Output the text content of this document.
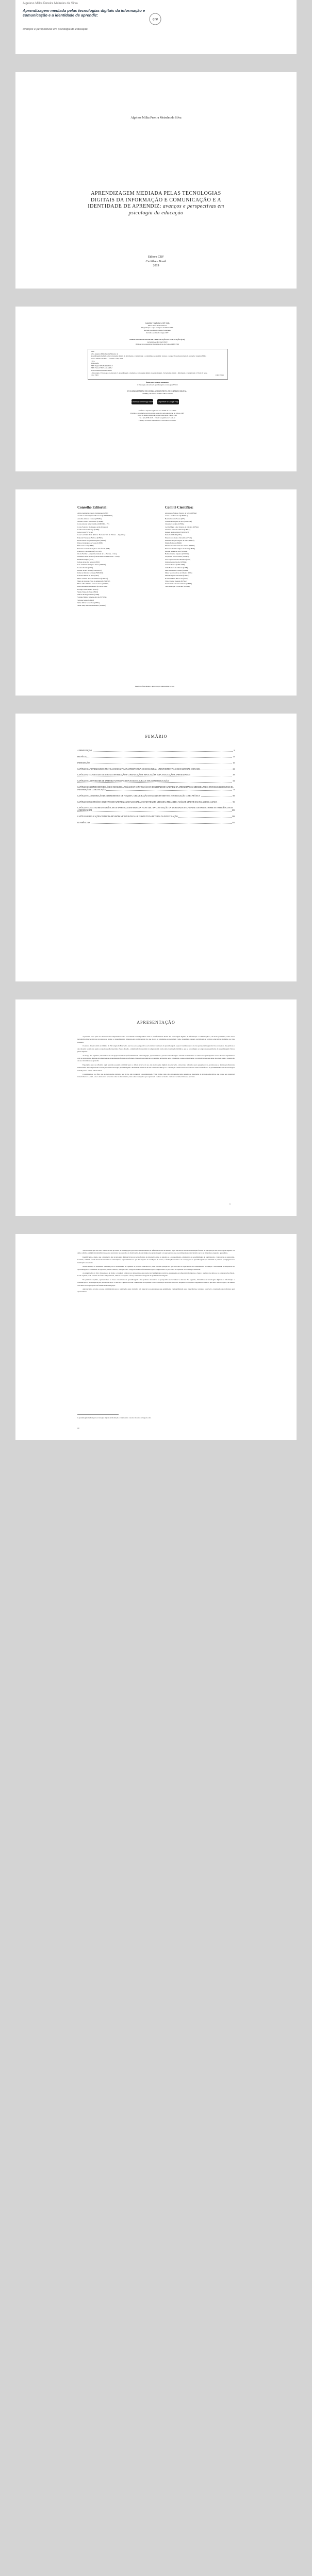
Algeless Milka Pereira Meireles da Silva
Aprendizagem mediada pelas tecnologias digitais da informação e comunicação e a identidade de aprendiz:
avanços e perspectivas em psicologia da educação
crv
Algeless Milka Pereira Meireles da Silva
APRENDIZAGEM MEDIADA PELAS TECNOLOGIAS DIGITAIS DA INFORMAÇÃO E COMUNICAÇÃO E A IDENTIDADE DE APRENDIZ: avanços e perspectivas em psicologia da educação
Editora CRV
Curitiba – Brasil
2019
Copyright © da Editora CRV Ltda.
Editor-chefe: Railson Moura
Diagramação e Capa: Designers da Editora CRV
Revisão: Analista de Língua Portuguesa
Revisão: Analista de Língua CRV
DADOS INTERNACIONAIS DE CATALOGAÇÃO NA PUBLICAÇÃO (CIP)
CATALOGAÇÃO NA FONTE
Bibliotecária responsável: Luzenira Alves dos Santos CRB9/1506
S586
Silva, Algeless Milka Pereira Meireles da
Aprendizagem mediada pelas tecnologias digitais da informação e comunicação e a identidade de aprendiz: avanços e perspectivas em psicologia da educação / Algeless Milka
Pereira Meireles da Silva – Curitiba : CRV, 2019.
170 p.
Bibliografia
ISBN Digital 978-85-444-3247-5
ISBN Físico 978-85-444-3248-2
DOI 10.24824/978854443248.2
1. Psicologia 2. Psicologia da educação 3. Aprendizagem - mediação e tecnologias digitais 4. Aprendizagem - Tecnologias digitais - Informação e comunicação I. Título II. Série.
CDU 159.9	CDD 370.15
Índice para catálogo sistemático
1. Psicologia educacional: aprendizagem e tecnologias 370.15
ESTA OBRA TAMBÉM ENCONTRA-SE DISPONÍVEL EM FORMATO DIGITAL.
CONHEÇA E BAIXE NOSSO APLICATIVO!
Download on the App Store	Disponível no Google Play
Foi feito o depósito legal conf. Lei 10.994 de 14/12/2004
Proibida a reprodução parcial ou total desta obra sem autorização da Editora CRV
Todos os direitos desta edição reservados pela: Editora CRV
Tel.: (41) 3039-6418 – E-mail: sac@editoracrv.com.br
Conheça os nossos lançamentos: www.editoracrv.com.br
Conselho Editorial:
Aldira Guimarães Duarte Domínguez (UNB)
Andréia da Silva Quintanilha Sousa (UNIR/UFRN)
Anselmo Alencar Colares (UFOPA)
Antônio Pereira Gaio Júnior (UFRRJ)
Carlos Alberto Vilar Estêvão (UMINHO – PT)
Carlos Federico Dominguez Avila (Unieuro)
Carmen Tereza Velanga (UNIR)
Celso Conti (UFSCar)
Cesar Gerônimo Tello (Univer. Nacional Três de Febrero – Argentina)
Eduardo Fernandes Barbosa (UFMG)
Elione Maria Nogueira Diogenes (UFAL)
Elizeu Clementino de Souza (UNEB)
Élsio José Corá (UFFS)
Fernando Antônio Gonçalves Alcoforado (IPB)
Francisco Carlos Duarte (PUC-PR)
Gloria Fariñas León (Universidade de La Havana – Cuba)
Guillermo Arias Beatón (Universidade de La Havana – Cuba)
Helmuth Krüger (UCP)
Jailson Alves dos Santos (UFRJ)
João Adalberto Campato Junior (UNESP)
Josania Portela (UFPI)
Leonel Severo Rocha (UNISINOS)
Lídia de Oliveira Xavier (UNIEURO)
Lourdes Helena da Silva (UFV)
Maria Cristina dos Santos Bezerra (UFSCar)
Maria de Lourdes Pinto de Almeida (UNOESC)
Maria Lília Imbiriba Sousa Colares (UFOPA)
Paulo Romualdo Hernandes (UNIFAL-MG)
Rodrigo Pratte-Santos (UFES)
Sérgio Nunes de Jesus (IFRO)
Simone Rodrigues Pinto (UNB)
Solange Helena Ximenes-Rocha (UFOPA)
Sydione Santos (UEPG)
Tadeu Oliver Gonçalves (UFPA)
Tania Suely Azevedo Brasileiro (UFOPA)
Comitê Científico:
Alessandra Fabiana Ferreira da Silva (UFMA)
André Luis Schadeck (UNITAU)
Beatriz Rosa de Souza (UFS)
Clarissa Rodrigues da Silva (UNIFOR)
Cleonice Carvalho (UFMG)
Cecilia Maria Lima Teixeira de Oliveira (UFMG)
Cristiane Vieira de Oliveira (UFMA)
Daniela Anelise Dihl (UNISINOS)
Deise Kalil Kalid (UFG)
Eduardo dos Santos Sebastião (UFMG)
Elizabeth Regina Negrão de Melo (UFBA)
Emilia Hodino (UFRRJ)
Fabiana Maria Correia dos Santos (UFMA)
Francisco José Rodrigues de Sousa (UECE)
Girlane Nunes da Silva (UFMA)
Hellen Cristina Siqueira (UNIRIO)
Jacqueline Silva Fonseca (UFMG)
José Augusto Pereira Meireles (UFS)
Juliana Gomes Rocha (UFMA)
Luciana Pessoa (UNICAMP)
Lidia Nolasco de Oliveira (UNB)
Márcia Elizabete Gomes (UFMA)
Maria Socorro Alves de Oliveira (UFC)
Michele Aparecida Nunes (UFMA)
Rosanna Maria Barros Sá (UFPE)
Silvia Regina Rezende (UFMA)
Suzana Inês Galiciano Silveira (UFRS)
Tulio Henrique Cavalcanti (UFMA)
Este livro foi avaliado e aprovado por pareceristas ad hoc.
SUMÁRIO
APRESENTAÇÃO	9
PREFÁCIO	13
INTRODUÇÃO	15
CAPÍTULO 1 APRENDIZAGEM E PRÁTICAS EDUCATIVAS NA PERSPECTIVA SOCIOCULTURAL: UMA PERSPECTIVA SOCIOCULTURAL E SITUADA	21
CAPÍTULO 2 TECNOLOGIAS DIGITAIS DA INFORMAÇÃO E COMUNICAÇÃO E IMPLICAÇÕES PARA A EDUCAÇÃO E APRENDIZAGEM	39
CAPÍTULO 3 A IDENTIDADE DE APRENDIZ NA PERSPECTIVA SOCIOCULTURAL E SITUADA DA EDUCAÇÃO	53
CAPÍTULO 4 CAMINHO METODOLÓGICO EM RUMO À ANÁLISE DA CONSTRUÇÃO DA IDENTIDADE DE APRENDIZ NA APRENDIZAGEM MEDIADA PELAS TECNOLOGIAS DIGITAIS DA INFORMAÇÃO E COMUNICAÇÃO	73
CAPÍTULO 5 A CONSTRUÇÃO DE INSTRUMENTOS DE PESQUISA: A ELABORAÇÃO DA GUIA DE ENTREVISTA E SUA RELAÇÃO COM A PRÁTICA	89
CAPÍTULO 6 PERCEPÇÕES E OBJETIVOS DE APRENDIZAGEM ASSOCIADAS AO ATIVIDADES MEDIADAS PELAS TDIC: ANÁLISE A PARTIR DAS FALAS DOS ALUNOS	95
CAPÍTULO 7 AS CATEGORIAS ANALÍTICAS DE APRENDIZAGEM MEDIADA PELAS TDIC NA CONSTRUÇÃO DA IDENTIDADE DE APRENDIZ: UM ESTUDO SOBRE AS EXPERIÊNCIAS DE APRENDIZAGEM	109
CAPÍTULO 8 IMPLICAÇÕES TEÓRICAS: REVISÕES METODOLÓGICAS E PERSPECTIVAS FUTURAS DA INVESTIGAÇÃO	139
REFERÊNCIAS	155
APRESENTAÇÃO

A presente obra parte do interesse em compreender como a sociedade contemporânea vem se transformando diante das tecnologias digitais da informação e comunicação e, de modo particular, como essas tecnologias interferem nos processos de ensino e aprendizagem. Interessa-nos compreender de que modo os estudantes se percebem como aprendizes quando participam de práticas educativas mediadas por tais recursos.

O estudo, desenvolvido no âmbito da Psicologia da Educação, ancora-se na perspectiva sociocultural e situada da aprendizagem, a qual considera que o ato de aprender é inseparável dos contextos, das práticas e das relações sociais nas quais os sujeitos estão inseridos. Nessa direção, a identidade de aprendiz é compreendida como uma construção dinâmica, que se reconfigura ao longo das experiências de aprendizagem vividas pelos sujeitos.

Ao longo dos capítulos, discutimos as concepções teóricas que fundamentam a investigação, apresentamos o percurso metodológico adotado e analisamos os relatos dos participantes acerca de suas experiências com as tecnologias digitais em situações de aprendizagem formais e informais. Buscamos evidenciar os sentidos atribuídos pelos estudantes a essas experiências e as implicações que delas decorrem para a construção de sua identidade de aprendiz.

Esperamos que as reflexões aqui reunidas possam contribuir para o debate acerca do uso das tecnologias digitais na educação, oferecendo subsídios para pesquisadores, professores e demais profissionais interessados em compreender as relações entre tecnologia, aprendizagem e identidade. Trata-se de um convite ao diálogo e à construção coletiva de novos olhares sobre os desafios e as possibilidades que as tecnologias trazem para o campo educacional.

Consideramos, por fim, que as tecnologias digitais, por si sós, não garantem a aprendizagem. É na forma como são apropriadas pelos sujeitos e integradas às práticas educativas que reside seu potencial transformador. Assim, o foco desta obra recai não sobre as ferramentas, mas sobre os sujeitos que aprendem e sobre os modos como se reconhecem nesse processo.

9

Vale ressaltar que esta obra resulta de um processo de investigação que envolveu estudantes de diferentes níveis de ensino, cujas narrativas revelaram múltiplas formas de apropriação das tecnologias digitais. Os dados obtidos permitiram identificar aspectos relevantes relacionados às motivações, às estratégias de aprendizagem e às percepções que os participantes construíram acerca de si mesmos enquanto aprendizes.

Identificamos, ainda, que a mediação das tecnologias digitais favorece novas formas de interação entre os sujeitos e o conhecimento, ampliando as possibilidades de participação, colaboração e autonomia. Contudo, também foram observadas tensões e contradições, especialmente no que diz respeito às condições de acesso, à formação docente e às concepções de aprendizagem que orientam as práticas pedagógicas nas instituições de ensino.

Nesse sentido, os resultados apontam para a necessidade de repensar as práticas educativas a partir de uma perspectiva que valorize as experiências dos estudantes e reconheça a diversidade de trajetórias de aprendizagem. A identidade de aprendiz, nesse contexto, emerge como categoria analítica fundamental para compreender os processos de aprender na contemporaneidade.

A organização do livro foi pensada de modo a conduzir o leitor por um percurso que parte dos fundamentos teóricos, passa pelas escolhas metodológicas e chega à análise dos dados e às considerações finais. Cada capítulo pode ser lido de forma independente, embora o conjunto ofereça uma visão integrada do problema investigado.

No primeiro capítulo, apresentamos as bases conceituais da aprendizagem e das práticas educativas na perspectiva sociocultural e situada. No segundo, discutimos as tecnologias digitais da informação e comunicação e suas implicações para a educação. O terceiro capítulo aborda a identidade de aprendiz como construção teórica e empírica, enquanto os capítulos seguintes tratam do percurso metodológico, da análise dos dados e das perspectivas futuras da investigação.

Agradecemos a todos os que contribuíram para a realização deste trabalho, em especial aos estudantes que gentilmente compartilharam suas experiências, tornando possível a construção das reflexões aqui apresentadas.

1 Aprendizagem mediada pelas tecnologias digitais da informação e comunicação: conceito discutido ao longo da obra.
10
